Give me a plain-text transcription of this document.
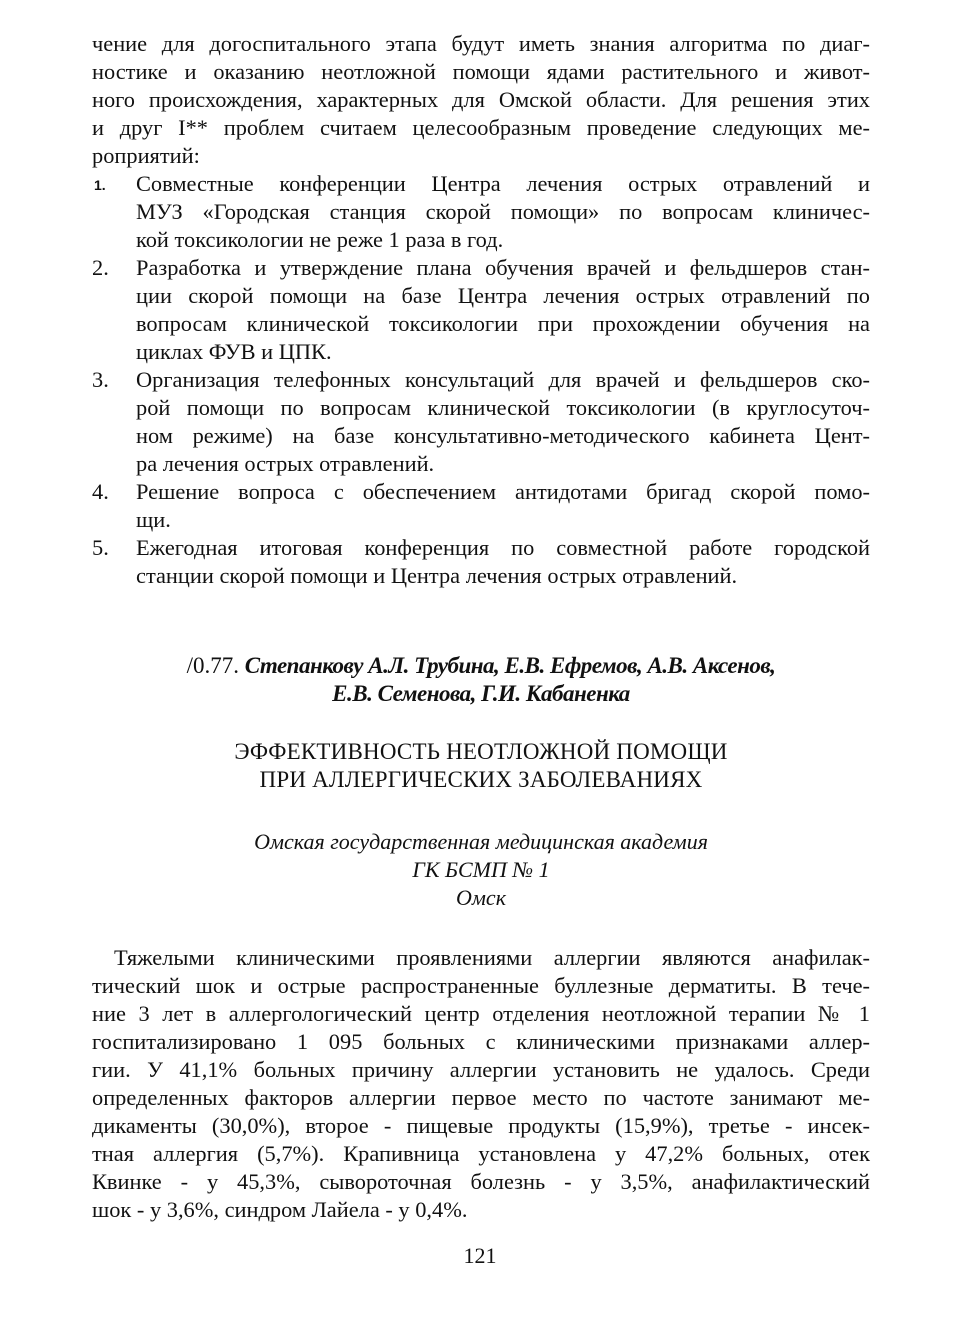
чение для догоспитального этапа будут иметь знания алгоритма по диаг-
ностике и оказанию неотложной помощи ядами растительного и живот-
ного происхождения, характерных для Омской области. Для решения этих
и друг I** проблем считаем целесообразным проведение следующих ме-
роприятий:
1. Совместные конференции Центра лечения острых отравлений и
МУЗ «Городская станция скорой помощи» по вопросам клиничес-
кой токсикологии не реже 1 раза в год.
2. Разработка и утверждение плана обучения врачей и фельдшеров стан-
ции скорой помощи на базе Центра лечения острых отравлений по
вопросам клинической токсикологии при прохождении обучения на
циклах ФУВ и ЦПК.
3. Организация телефонных консультаций для врачей и фельдшеров ско-
рой помощи по вопросам клинической токсикологии (в круглосуточ-
ном режиме) на базе консультативно-методического кабинета Цент-
ра лечения острых отравлений.
4. Решение вопроса с обеспечением антидотами бригад скорой помо-
щи.
5. Ежегодная итоговая конференция по совместной работе городской
станции скорой помощи и Центра лечения острых отравлений.
/0.77. Степанкову А.Л. Трубина, Е.В. Ефремов, А.В. Аксенов,
Е.В. Семенова, Г.И. Кабаненка
ЭФФЕКТИВНОСТЬ НЕОТЛОЖНОЙ ПОМОЩИ
ПРИ АЛЛЕРГИЧЕСКИХ ЗАБОЛЕВАНИЯХ
Омская государственная медицинская академия
ГК БСМП № 1
Омск
Тяжелыми клиническими проявлениями аллергии являются анафилак-
тический шок и острые распространенные буллезные дерматиты. В тече-
ние 3 лет в аллергологический центр отделения неотложной терапии № 1
госпитализировано 1 095 больных с клиническими признаками аллер-
гии. У 41,1% больных причину аллергии установить не удалось. Среди
определенных факторов аллергии первое место по частоте занимают ме-
дикаменты (30,0%), второе - пищевые продукты (15,9%), третье - инсек-
тная аллергия (5,7%). Крапивница установлена у 47,2% больных, отек
Квинке - у 45,3%, сывороточная болезнь - у 3,5%, анафилактический
шок - у 3,6%, синдром Лайела - у 0,4%.
121
